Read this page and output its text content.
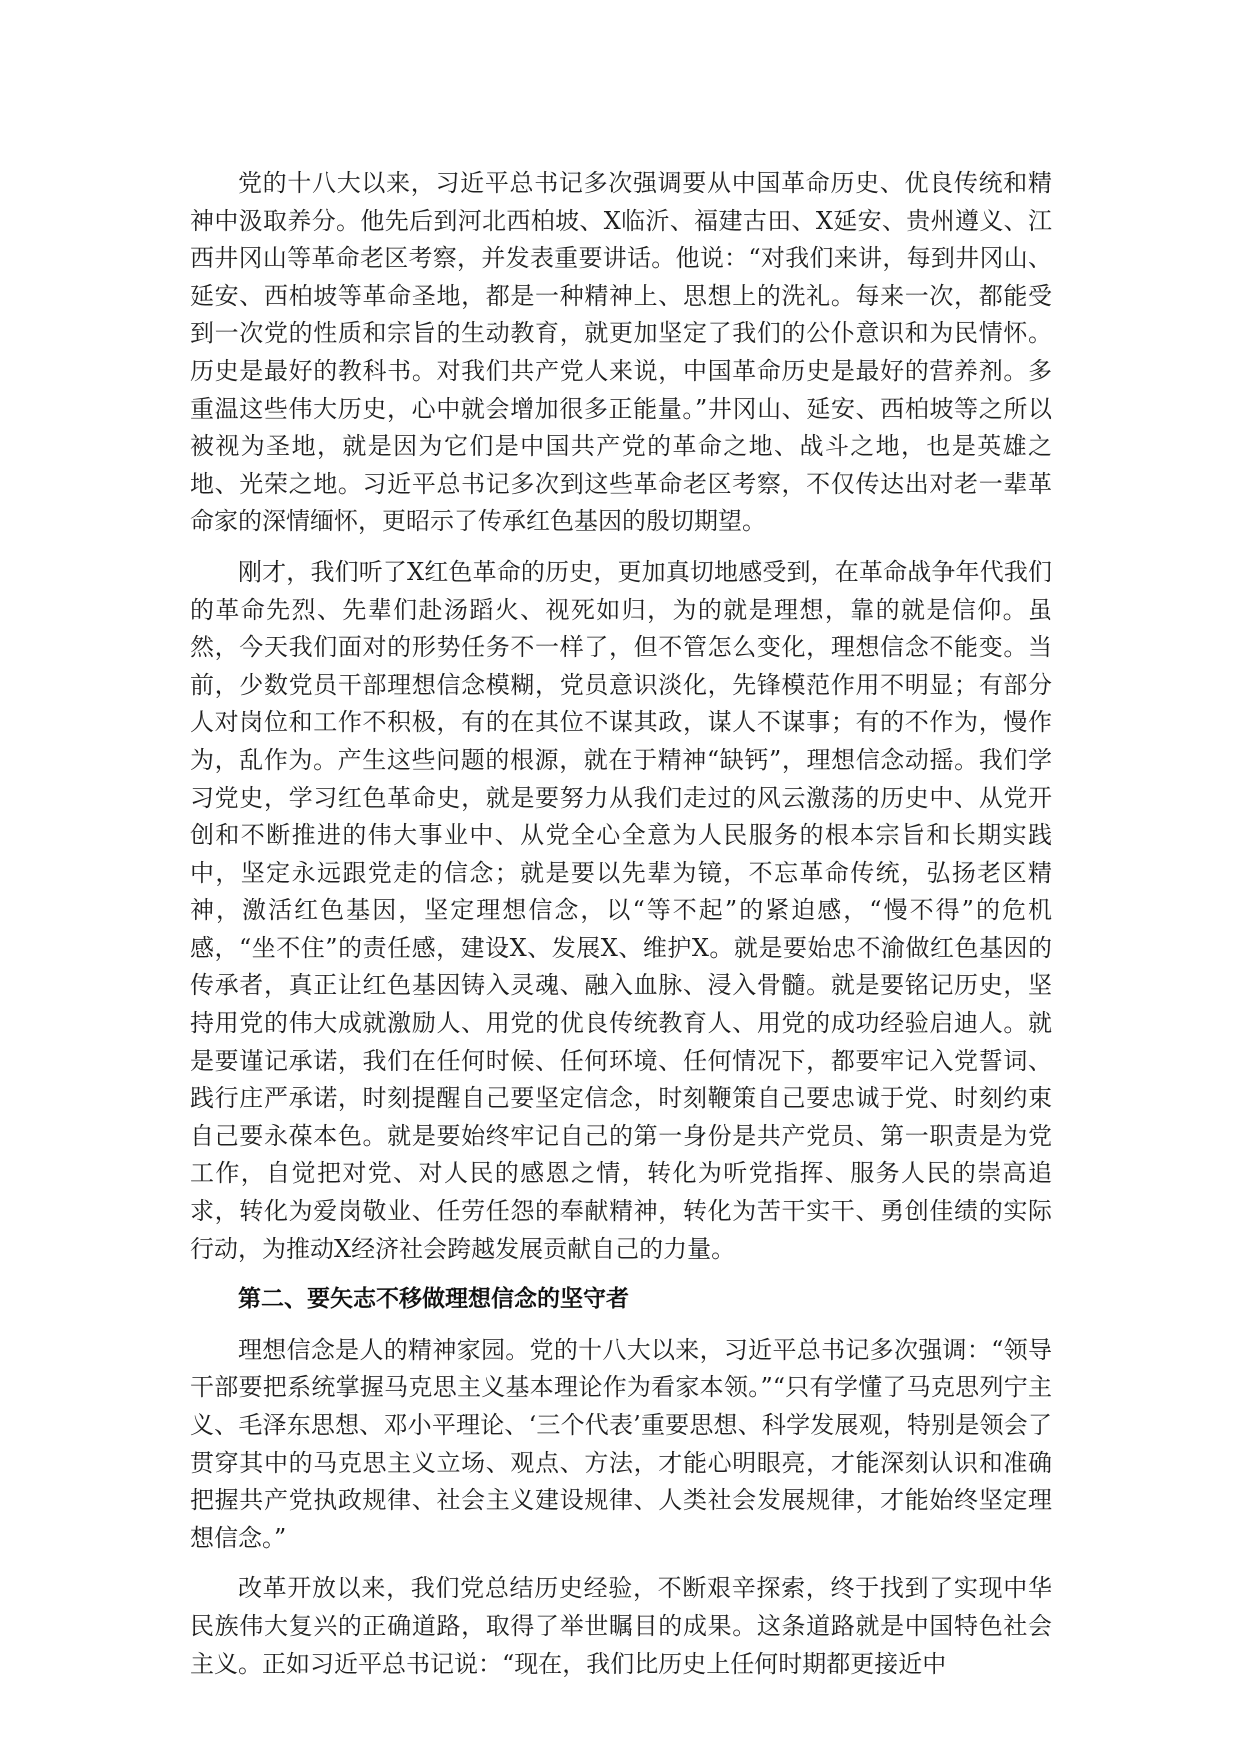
党的十八大以来，习近平总书记多次强调要从中国革命历史、优良传统和精神中汲取养分。他先后到河北西柏坡、X临沂、福建古田、X延安、贵州遵义、江西井冈山等革命老区考察，并发表重要讲话。他说：“对我们来讲，每到井冈山、延安、西柏坡等革命圣地，都是一种精神上、思想上的洗礼。每来一次，都能受到一次党的性质和宗旨的生动教育，就更加坚定了我们的公仆意识和为民情怀。历史是最好的教科书。对我们共产党人来说，中国革命历史是最好的营养剂。多重温这些伟大历史，心中就会增加很多正能量。”井冈山、延安、西柏坡等之所以被视为圣地，就是因为它们是中国共产党的革命之地、战斗之地，也是英雄之地、光荣之地。习近平总书记多次到这些革命老区考察，不仅传达出对老一辈革命家的深情缅怀，更昭示了传承红色基因的殷切期望。

刚才，我们听了X红色革命的历史，更加真切地感受到，在革命战争年代我们的革命先烈、先辈们赴汤蹈火、视死如归，为的就是理想，靠的就是信仰。虽然，今天我们面对的形势任务不一样了，但不管怎么变化，理想信念不能变。当前，少数党员干部理想信念模糊，党员意识淡化，先锋模范作用不明显；有部分人对岗位和工作不积极，有的在其位不谋其政，谋人不谋事；有的不作为，慢作为，乱作为。产生这些问题的根源，就在于精神“缺钙”，理想信念动摇。我们学习党史，学习红色革命史，就是要努力从我们走过的风云激荡的历史中、从党开创和不断推进的伟大事业中、从党全心全意为人民服务的根本宗旨和长期实践中，坚定永远跟党走的信念；就是要以先辈为镜，不忘革命传统，弘扬老区精神，激活红色基因，坚定理想信念，以“等不起”的紧迫感，“慢不得”的危机感，“坐不住”的责任感，建设X、发展X、维护X。就是要始忠不渝做红色基因的传承者，真正让红色基因铸入灵魂、融入血脉、浸入骨髓。就是要铭记历史，坚持用党的伟大成就激励人、用党的优良传统教育人、用党的成功经验启迪人。就是要谨记承诺，我们在任何时候、任何环境、任何情况下，都要牢记入党誓词、践行庄严承诺，时刻提醒自己要坚定信念，时刻鞭策自己要忠诚于党、时刻约束自己要永葆本色。就是要始终牢记自己的第一身份是共产党员、第一职责是为党工作，自觉把对党、对人民的感恩之情，转化为听党指挥、服务人民的崇高追求，转化为爱岗敬业、任劳任怨的奉献精神，转化为苦干实干、勇创佳绩的实际行动，为推动X经济社会跨越发展贡献自己的力量。

第二、要矢志不移做理想信念的坚守者

理想信念是人的精神家园。党的十八大以来，习近平总书记多次强调：“领导干部要把系统掌握马克思主义基本理论作为看家本领。”“只有学懂了马克思列宁主义、毛泽东思想、邓小平理论、‘三个代表’重要思想、科学发展观，特别是领会了贯穿其中的马克思主义立场、观点、方法，才能心明眼亮，才能深刻认识和准确把握共产党执政规律、社会主义建设规律、人类社会发展规律，才能始终坚定理想信念。”

改革开放以来，我们党总结历史经验，不断艰辛探索，终于找到了实现中华民族伟大复兴的正确道路，取得了举世瞩目的成果。这条道路就是中国特色社会主义。正如习近平总书记说：“现在，我们比历史上任何时期都更接近中
